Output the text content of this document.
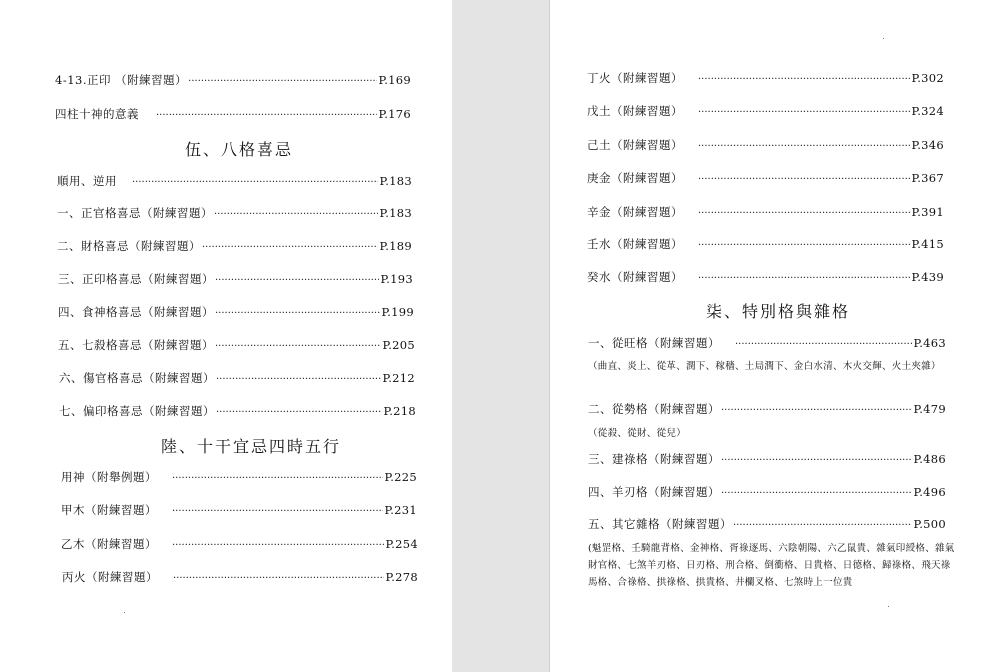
4-13.正印 （附練習題） ·····	P.169
四柱十神的意義 ·····	P.176
伍、八格喜忌
順用、逆用 ·····	P.183
一、正官格喜忌（附練習題） ·····	P.183
二、財格喜忌（附練習題） ·····	P.189
三、正印格喜忌（附練習題） ·····	P.193
四、食神格喜忌（附練習題） ·····	P.199
五、七殺格喜忌（附練習題） ·····	P.205
六、傷官格喜忌（附練習題） ·····	P.212
七、偏印格喜忌（附練習題） ·····	P.218
陸、十干宜忌四時五行
用神（附舉例題） ·····	P.225
甲木（附練習題） ·····	P.231
乙木（附練習題） ·····	P.254
丙火（附練習題） ·····	P.278
丁火（附練習題） ·····	P.302
戊土（附練習題） ·····	P.324
己土（附練習題） ·····	P.346
庚金（附練習題） ·····	P.367
辛金（附練習題） ·····	P.391
壬水（附練習題） ·····	P.415
癸水（附練習題） ·····	P.439
柒、特別格與雜格
一、從旺格（附練習題） ·····	P.463
（曲直、炎上、從革、潤下、稼穡、土局潤下、金白水清、木火交輝、火土夾雜）
二、從勢格（附練習題） ·····	P.479
（從殺、從財、從兒）
三、建祿格（附練習題） ·····	P.486
四、羊刃格（附練習題） ·····	P.496
五、其它雜格（附練習題） ·····	P.500
(魁罡格、壬騎龍背格、金神格、胥祿逐馬、六陰朝陽、六乙鼠貴、雜氣印綬格、雜氣財官格、七煞羊刃格、日刃格、刑合格、倒衝格、日貴格、日德格、歸祿格、飛天祿馬格、合祿格、拱祿格、拱貴格、井欄叉格、七煞時上一位貴
